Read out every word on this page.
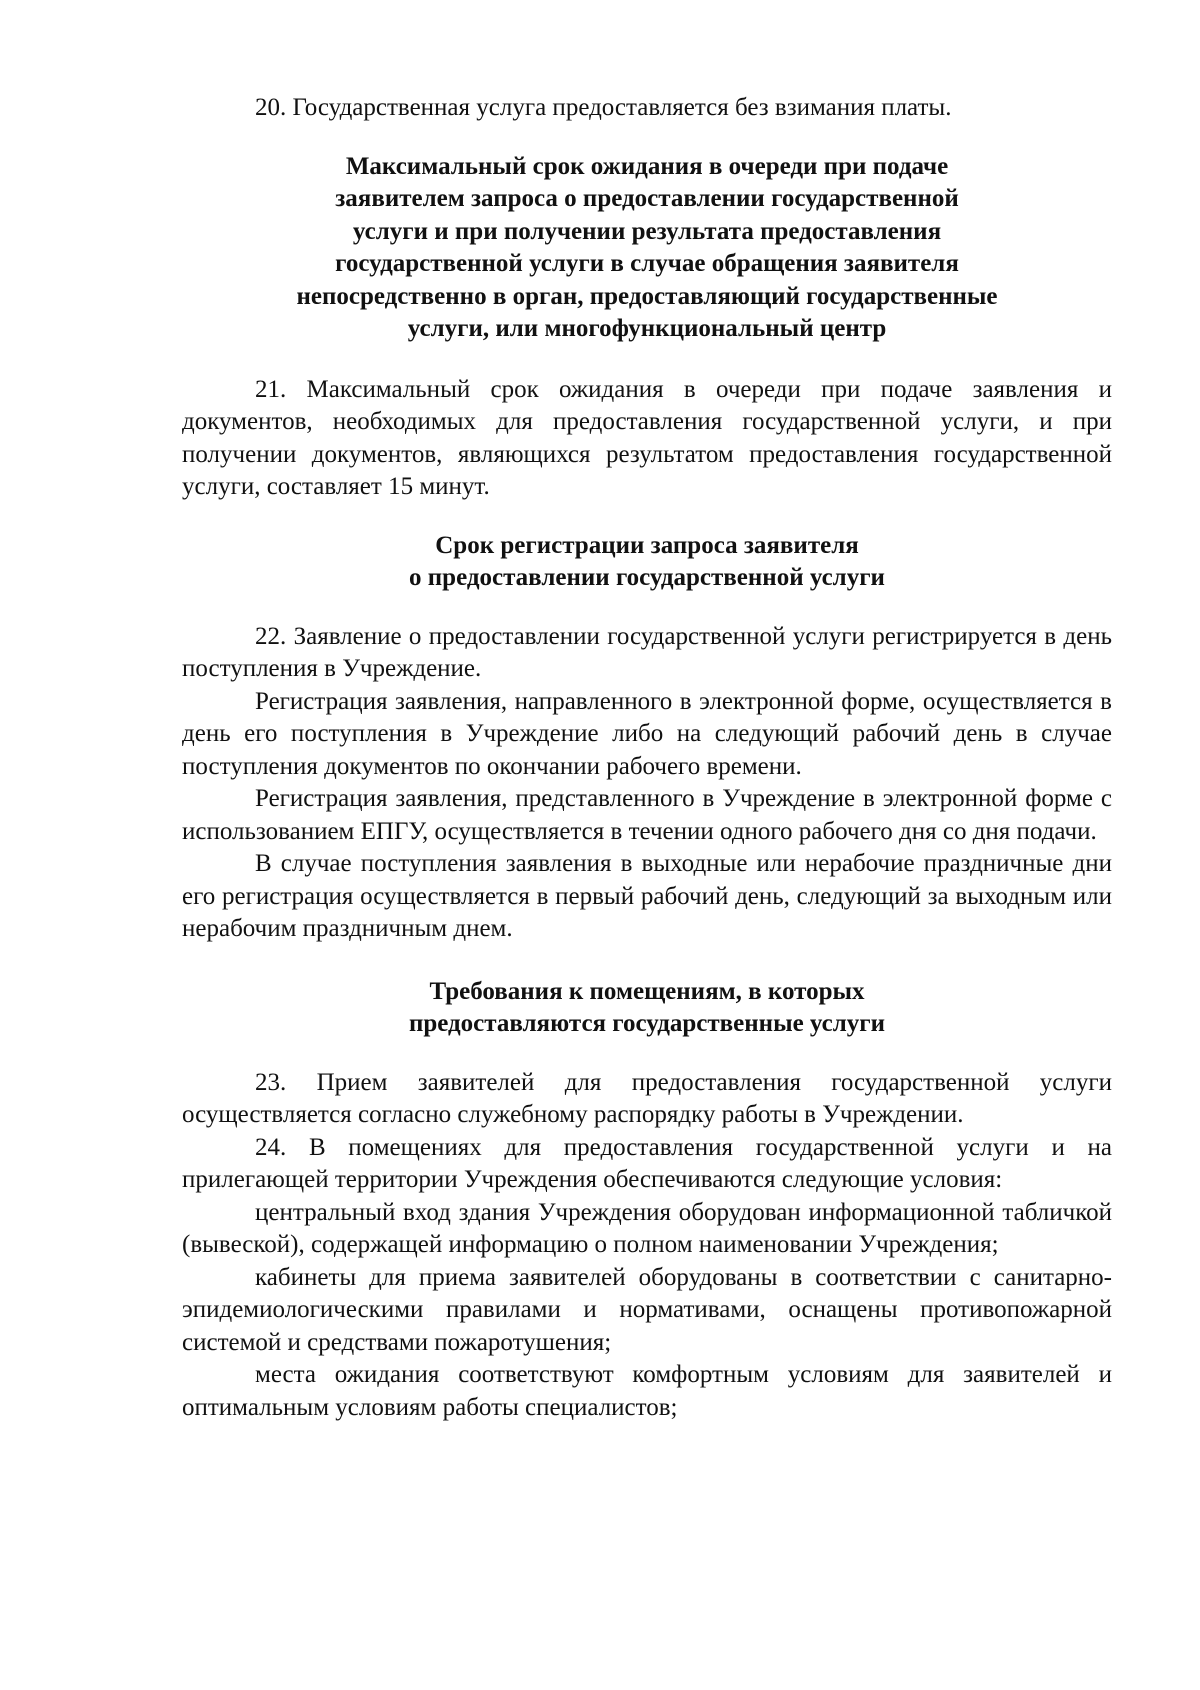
20. Государственная услуга предоставляется без взимания платы.

Максимальный срок ожидания в очереди при подаче
заявителем запроса о предоставлении государственной
услуги и при получении результата предоставления
государственной услуги в случае обращения заявителя
непосредственно в орган, предоставляющий государственные
услуги, или многофункциональный центр

21. Максимальный срок ожидания в очереди при подаче заявления и документов, необходимых для предоставления государственной услуги, и при получении документов, являющихся результатом предоставления государственной услуги, составляет 15 минут.

Срок регистрации запроса заявителя
о предоставлении государственной услуги

22. Заявление о предоставлении государственной услуги регистрируется в день поступления в Учреждение.

Регистрация заявления, направленного в электронной форме, осуществляется в день его поступления в Учреждение либо на следующий рабочий день в случае поступления документов по окончании рабочего времени.

Регистрация заявления, представленного в Учреждение в электронной форме с использованием ЕПГУ, осуществляется в течении одного рабочего дня со дня подачи.

В случае поступления заявления в выходные или нерабочие праздничные дни его регистрация осуществляется в первый рабочий день, следующий за выходным или нерабочим праздничным днем.

Требования к помещениям, в которых
предоставляются государственные услуги

23. Прием заявителей для предоставления государственной услуги осуществляется согласно служебному распорядку работы в Учреждении.

24. В помещениях для предоставления государственной услуги и на прилегающей территории Учреждения обеспечиваются следующие условия:

центральный вход здания Учреждения оборудован информационной табличкой (вывеской), содержащей информацию о полном наименовании Учреждения;

кабинеты для приема заявителей оборудованы в соответствии с санитарно-эпидемиологическими правилами и нормативами, оснащены противопожарной системой и средствами пожаротушения;

места ожидания соответствуют комфортным условиям для заявителей и оптимальным условиям работы специалистов;
